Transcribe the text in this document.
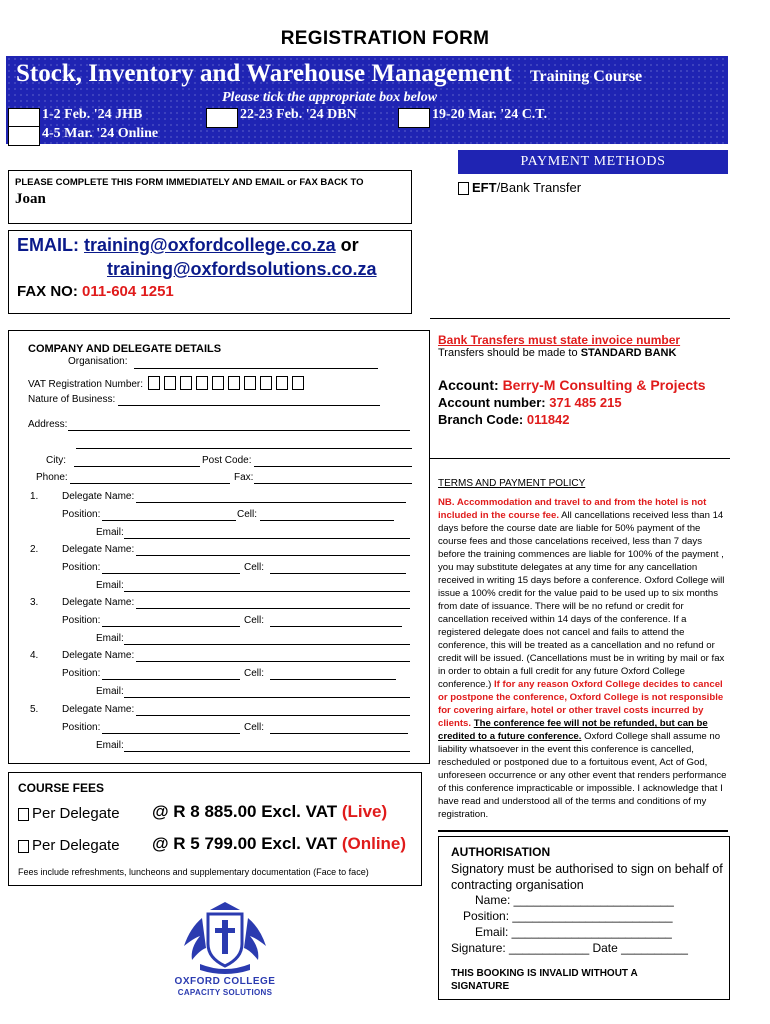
REGISTRATION FORM
Stock, Inventory and Warehouse Management Training Course
Please tick the appropriate box below
1-2 Feb. '24 JHB	22-23 Feb. '24 DBN	19-20 Mar. '24 C.T.
4-5 Mar. '24 Online
PAYMENT METHODS
PLEASE COMPLETE THIS FORM IMMEDIATELY AND EMAIL or FAX BACK TO
Joan
EFT/Bank Transfer
EMAIL: training@oxfordcollege.co.za or
training@oxfordsolutions.co.za
FAX NO: 011-604 1251
Bank Transfers must state invoice number
Transfers should be made to STANDARD BANK
Account: Berry-M Consulting & Projects
Account number: 371 485 215
Branch Code: 011842
COMPANY AND DELEGATE DETAILS
Organisation:
VAT Registration Number:
Nature of Business:
Address:
City:	Post Code:
Phone:	Fax:
1. Delegate Name:
Position:	Cell:
Email:
2. Delegate Name:
Position:	Cell:
Email:
3. Delegate Name:
Position:	Cell:
Email:
4. Delegate Name:
Position:	Cell:
Email:
5. Delegate Name:
Position:	Cell:
Email:
COURSE FEES
Per Delegate @ R 8 885.00 Excl. VAT (Live)
Per Delegate @ R 5 799.00 Excl. VAT (Online)
Fees include refreshments, luncheons and supplementary documentation (Face to face)
OXFORD COLLEGE
CAPACITY SOLUTIONS
TERMS AND PAYMENT POLICY
NB. Accommodation and travel to and from the hotel is not included in the course fee. All cancellations received less than 14 days before the course date are liable for 50% payment of the course fees and those cancelations received, less than 7 days before the training commences are liable for 100% of the payment , you may substitute delegates at any time for any cancellation received in writing 15 days before a conference. Oxford College will issue a 100% credit for the value paid to be used up to six months from date of issuance. There will be no refund or credit for cancellation received within 14 days of the conference. If a registered delegate does not cancel and fails to attend the conference, this will be treated as a cancellation and no refund or credit will be issued. (Cancellations must be in writing by mail or fax in order to obtain a full credit for any future Oxford College conference.) If for any reason Oxford College decides to cancel or postpone the conference, Oxford College is not responsible for covering airfare, hotel or other travel costs incurred by clients. The conference fee will not be refunded, but can be credited to a future conference. Oxford College shall assume no liability whatsoever in the event this conference is cancelled, rescheduled or postponed due to a fortuitous event, Act of God, unforeseen occurrence or any other event that renders performance of this conference impracticable or impossible. I acknowledge that I have read and understood all of the terms and conditions of my registration.
AUTHORISATION
Signatory must be authorised to sign on behalf of contracting organisation
Name: ________________________
Position: ________________________
Email: ________________________
Signature: ____________ Date __________
THIS BOOKING IS INVALID WITHOUT A SIGNATURE
